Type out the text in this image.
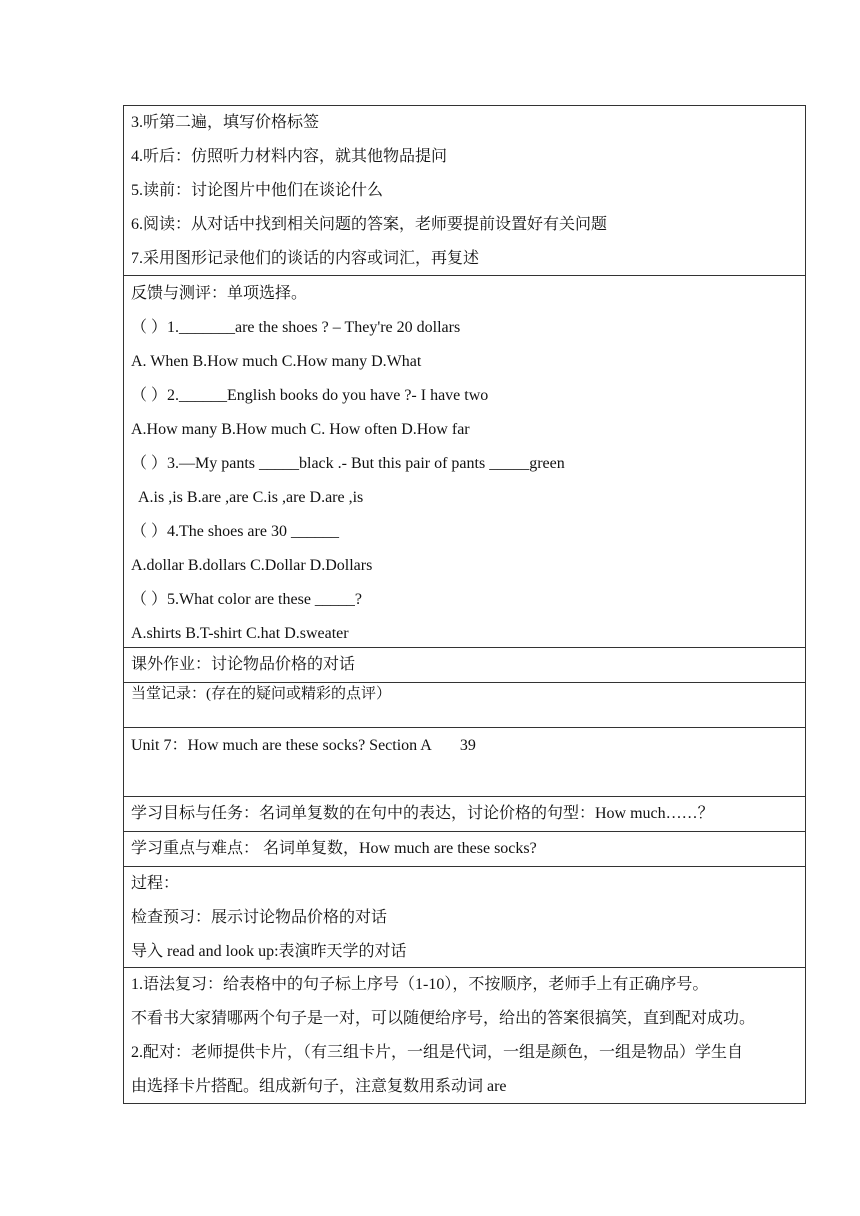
3.听第二遍，填写价格标签
4.听后：仿照听力材料内容，就其他物品提问
5.读前：讨论图片中他们在谈论什么
6.阅读：从对话中找到相关问题的答案，老师要提前设置好有关问题
7.采用图形记录他们的谈话的内容或词汇，再复述
反馈与测评：单项选择。
（ ）1._______are the shoes ? – They're 20 dollars
A. When B.How much C.How many D.What
（ ）2.______English books do you have ?- I have two
A.How many B.How much C. How often D.How far
（ ）3.—My pants _____black .- But this pair of pants _____green
A.is ,is B.are ,are C.is ,are D.are ,is
（ ）4.The shoes are 30 ______
A.dollar B.dollars C.Dollar D.Dollars
（ ）5.What color are these _____?
A.shirts B.T-shirt C.hat D.sweater
课外作业：讨论物品价格的对话
当堂记录：(存在的疑问或精彩的点评）
Unit 7：How much are these socks? Section A 39
学习目标与任务：名词单复数的在句中的表达，讨论价格的句型：How much……？
学习重点与难点： 名词单复数，How much are these socks?
过程：
检查预习：展示讨论物品价格的对话
导入 read and look up:表演昨天学的对话
1.语法复习：给表格中的句子标上序号（1-10），不按顺序，老师手上有正确序号。
不看书大家猜哪两个句子是一对，可以随便给序号，给出的答案很搞笑，直到配对成功。
2.配对：老师提供卡片，（有三组卡片，一组是代词，一组是颜色，一组是物品）学生自
由选择卡片搭配。组成新句子，注意复数用系动词 are
